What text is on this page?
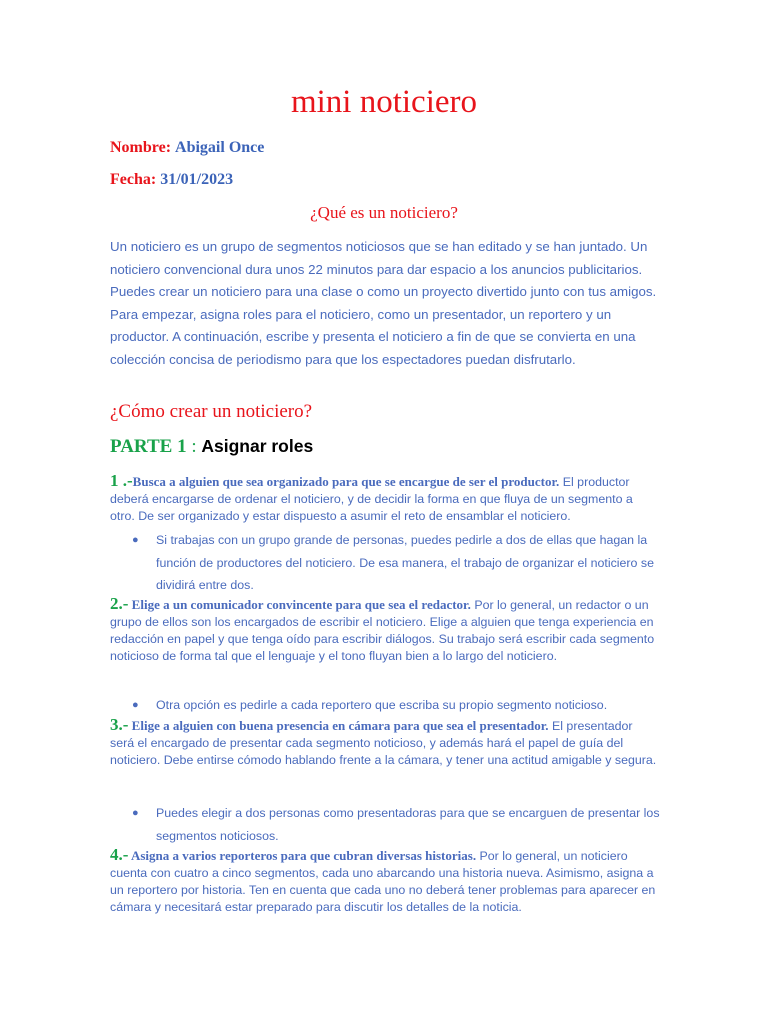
mini noticiero
Nombre: Abigail Once
Fecha: 31/01/2023
¿Qué es un noticiero?
Un noticiero es un grupo de segmentos noticiosos que se han editado y se han juntado. Un noticiero convencional dura unos 22 minutos para dar espacio a los anuncios publicitarios. Puedes crear un noticiero para una clase o como un proyecto divertido junto con tus amigos. Para empezar, asigna roles para el noticiero, como un presentador, un reportero y un productor. A continuación, escribe y presenta el noticiero a fin de que se convierta en una colección concisa de periodismo para que los espectadores puedan disfrutarlo.
¿Cómo crear un noticiero?
PARTE 1 : Asignar roles
1 .-Busca a alguien que sea organizado para que se encargue de ser el productor. El productor deberá encargarse de ordenar el noticiero, y de decidir la forma en que fluya de un segmento a otro. De ser organizado y estar dispuesto a asumir el reto de ensamblar el noticiero.
● Si trabajas con un grupo grande de personas, puedes pedirle a dos de ellas que hagan la función de productores del noticiero. De esa manera, el trabajo de organizar el noticiero se dividirá entre dos.
2.- Elige a un comunicador convincente para que sea el redactor. Por lo general, un redactor o un grupo de ellos son los encargados de escribir el noticiero. Elige a alguien que tenga experiencia en redacción en papel y que tenga oído para escribir diálogos. Su trabajo será escribir cada segmento noticioso de forma tal que el lenguaje y el tono fluyan bien a lo largo del noticiero.
● Otra opción es pedirle a cada reportero que escriba su propio segmento noticioso.
3.- Elige a alguien con buena presencia en cámara para que sea el presentador. El presentador será el encargado de presentar cada segmento noticioso, y además hará el papel de guía del noticiero. Debe entirse cómodo hablando frente a la cámara, y tener una actitud amigable y segura.
● Puedes elegir a dos personas como presentadoras para que se encarguen de presentar los segmentos noticiosos.
4.- Asigna a varios reporteros para que cubran diversas historias. Por lo general, un noticiero cuenta con cuatro a cinco segmentos, cada uno abarcando una historia nueva. Asimismo, asigna a un reportero por historia. Ten en cuenta que cada uno no deberá tener problemas para aparecer en cámara y necesitará estar preparado para discutir los detalles de la noticia.
